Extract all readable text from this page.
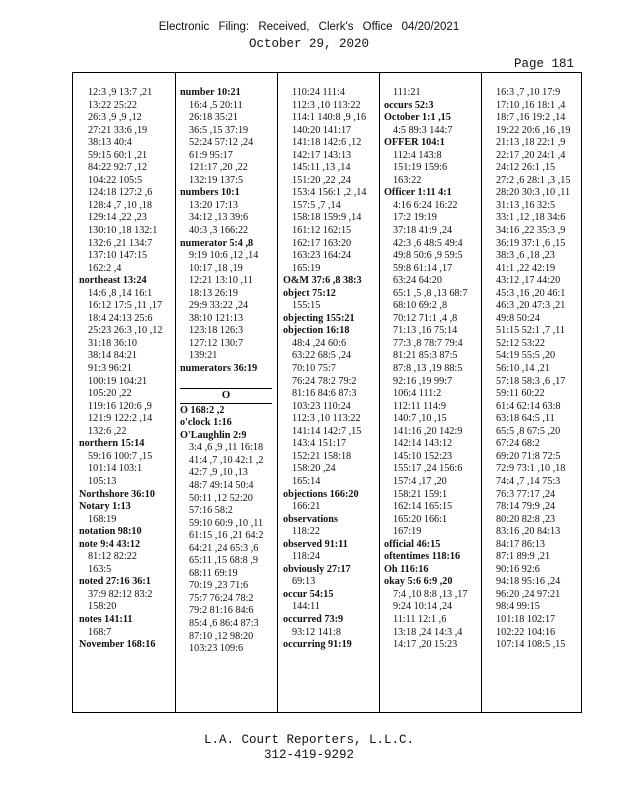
Electronic Filing: Received, Clerk's Office 04/20/2021
October 29, 2020
Page 181
12:3 ,9 13:7 ,21
13:22 25:22
26:3 ,9 ,9 ,12
27:21 33:6 ,19
38:13 40:4
59:15 60:1 ,21
84:22 92:7 ,12
104:22 105:5
124:18 127:2 ,6
128:4 ,7 ,10 ,18
129:14 ,22 ,23
130:10 ,18 132:1
132:6 ,21 134:7
137:10 147:15
162:2 ,4
northeast 13:24
14:6 ,8 ,14 16:1
16:12 17:5 ,11 ,17
18:4 24:13 25:6
25:23 26:3 ,10 ,12
31:18 36:10
38:14 84:21
91:3 96:21
100:19 104:21
105:20 ,22
119:16 120:6 ,9
121:9 122:2 ,14
132:6 ,22
northern 15:14
59:16 100:7 ,15
101:14 103:1
105:13
Northshore 36:10
Notary 1:13
168:19
notation 98:10
note 9:4 43:12
81:12 82:22
163:5
noted 27:16 36:1
37:9 82:12 83:2
158:20
notes 141:11
168:7
November 168:16
number 10:21
16:4 ,5 20:11
26:18 35:21
36:5 ,15 37:19
52:24 57:12 ,24
61:9 95:17
121:17 ,20 ,22
132:19 137:5
numbers 10:1
13:20 17:13
34:12 ,13 39:6
40:3 ,3 166:22
numerator 5:4 ,8
9:19 10:6 ,12 ,14
10:17 ,18 ,19
12:21 13:10 ,11
18:13 26:19
29:9 33:22 ,24
38:10 121:13
123:18 126:3
127:12 130:7
139:21
numerators 36:19
O
O 168:2 ,2
o'clock 1:16
O'Laughlin 2:9
3:4 ,6 ,9 ,11 16:18
41:4 ,7 ,10 42:1 ,2
42:7 ,9 ,10 ,13
48:7 49:14 50:4
50:11 ,12 52:20
57:16 58:2
59:10 60:9 ,10 ,11
61:15 ,16 ,21 64:2
64:21 ,24 65:3 ,6
65:11 ,15 68:8 ,9
68:11 69:19
70:19 ,23 71:6
75:7 76:24 78:2
79:2 81:16 84:6
85:4 ,6 86:4 87:3
87:10 ,12 98:20
103:23 109:6
110:24 111:4
112:3 ,10 113:22
114:1 140:8 ,9 ,16
140:20 141:17
141:18 142:6 ,12
142:17 143:13
145:11 ,13 ,14
151:20 ,22 ,24
153:4 156:1 ,2 ,14
157:5 ,7 ,14
158:18 159:9 ,14
161:12 162:15
162:17 163:20
163:23 164:24
165:19
O&M 37:6 ,8 38:3
object 75:12
155:15
objecting 155:21
objection 16:18
48:4 ,24 60:6
63:22 68:5 ,24
70:10 75:7
76:24 78:2 79:2
81:16 84:6 87:3
103:23 110:24
112:3 ,10 113:22
141:14 142:7 ,15
143:4 151:17
152:21 158:18
158:20 ,24
165:14
objections 166:20
166:21
observations
118:22
observed 91:11
118:24
obviously 27:17
69:13
occur 54:15
144:11
occurred 73:9
93:12 141:8
occurring 91:19
111:21
occurs 52:3
October 1:1 ,15
4:5 89:3 144:7
OFFER 104:1
112:4 143:8
151:19 159:6
163:22
Officer 1:11 4:1
4:16 6:24 16:22
17:2 19:19
37:18 41:9 ,24
42:3 ,6 48:5 49:4
49:8 50:6 ,9 59:5
59:8 61:14 ,17
63:24 64:20
65:1 ,5 ,8 ,13 68:7
68:10 69:2 ,8
70:12 71:1 ,4 ,8
71:13 ,16 75:14
77:3 ,8 78:7 79:4
81:21 85:3 87:5
87:8 ,13 ,19 88:5
92:16 ,19 99:7
106:4 111:2
112:11 114:9
140:7 ,10 ,15
141:16 ,20 142:9
142:14 143:12
145:10 152:23
155:17 ,24 156:6
157:4 ,17 ,20
158:21 159:1
162:14 165:15
165:20 166:1
167:19
official 46:15
oftentimes 118:16
Oh 116:16
okay 5:6 6:9 ,20
7:4 ,10 8:8 ,13 ,17
9:24 10:14 ,24
11:11 12:1 ,6
13:18 ,24 14:3 ,4
14:17 ,20 15:23
16:3 ,7 ,10 17:9
17:10 ,16 18:1 ,4
18:7 ,16 19:2 ,14
19:22 20:6 ,16 ,19
21:13 ,18 22:1 ,9
22:17 ,20 24:1 ,4
24:12 26:1 ,15
27:2 ,6 28:1 ,3 ,15
28:20 30:3 ,10 ,11
31:13 ,16 32:5
33:1 ,12 ,18 34:6
34:16 ,22 35:3 ,9
36:19 37:1 ,6 ,15
38:3 ,6 ,18 ,23
41:1 ,22 42:19
43:12 ,17 44:20
45:3 ,16 ,20 46:1
46:3 ,20 47:3 ,21
49:8 50:24
51:15 52:1 ,7 ,11
52:12 53:22
54:19 55:5 ,20
56:10 ,14 ,21
57:18 58:3 ,6 ,17
59:11 60:22
61:4 62:14 63:8
63:18 64:5 ,11
65:5 ,8 67:5 ,20
67:24 68:2
69:20 71:8 72:5
72:9 73:1 ,10 ,18
74:4 ,7 ,14 75:3
76:3 77:17 ,24
78:14 79:9 ,24
80:20 82:8 ,23
83:16 ,20 84:13
84:17 86:13
87:1 89:9 ,21
90:16 92:6
94:18 95:16 ,24
96:20 ,24 97:21
98:4 99:15
101:18 102:17
102:22 104:16
107:14 108:5 ,15
L.A. Court Reporters, L.L.C.
312-419-9292
